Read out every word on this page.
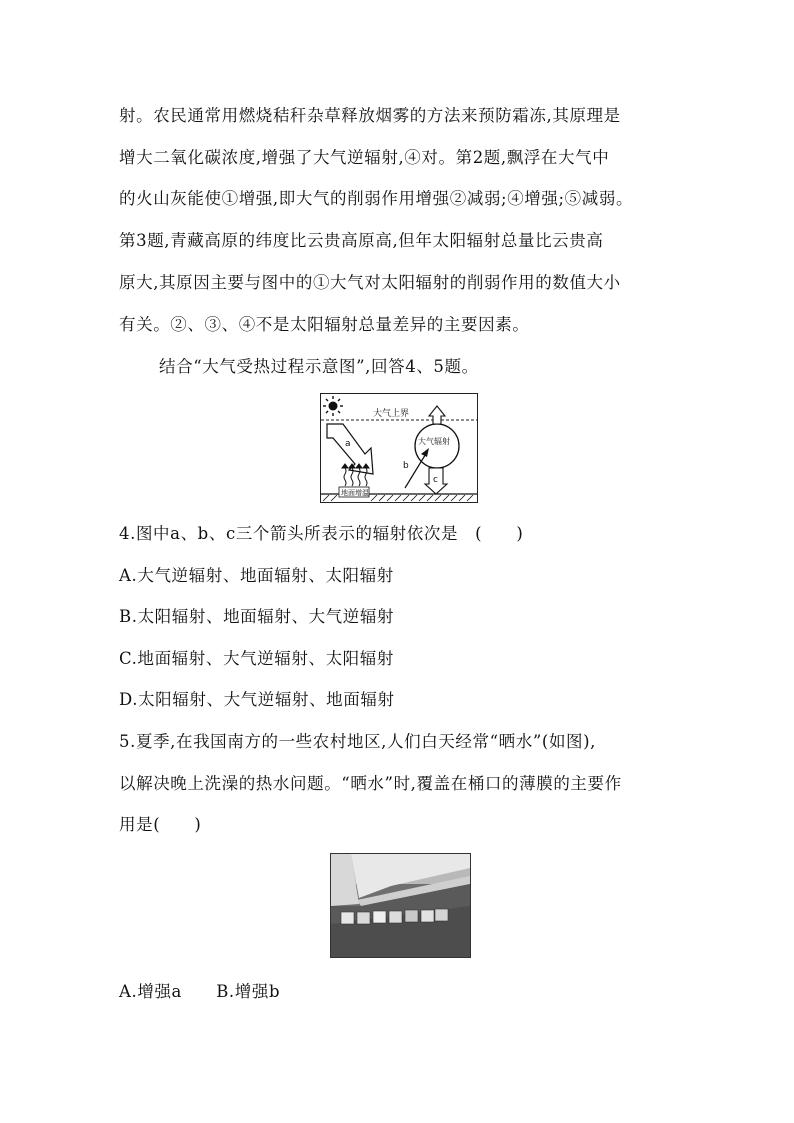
射。农民通常用燃烧秸秆杂草释放烟雾的方法来预防霜冻,其原理是
增大二氧化碳浓度,增强了大气逆辐射,④对。第2题,飘浮在大气中
的火山灰能使①增强,即大气的削弱作用增强②减弱;④增强;⑤减弱。
第3题,青藏高原的纬度比云贵高原高,但年太阳辐射总量比云贵高
原大,其原因主要与图中的①大气对太阳辐射的削弱作用的数值大小
有关。②、③、④不是太阳辐射总量差异的主要因素。
结合“大气受热过程示意图”,回答4、5题。
大气上界
a	大气辐射
b
c
地面增温
4.图中a、b、c三个箭头所表示的辐射依次是　(　　)
A.大气逆辐射、地面辐射、太阳辐射
B.太阳辐射、地面辐射、大气逆辐射
C.地面辐射、大气逆辐射、太阳辐射
D.太阳辐射、大气逆辐射、地面辐射
5.夏季,在我国南方的一些农村地区,人们白天经常“晒水”(如图),
以解决晚上洗澡的热水问题。“晒水”时,覆盖在桶口的薄膜的主要作
用是(　　)
A.增强a　　B.增强b
